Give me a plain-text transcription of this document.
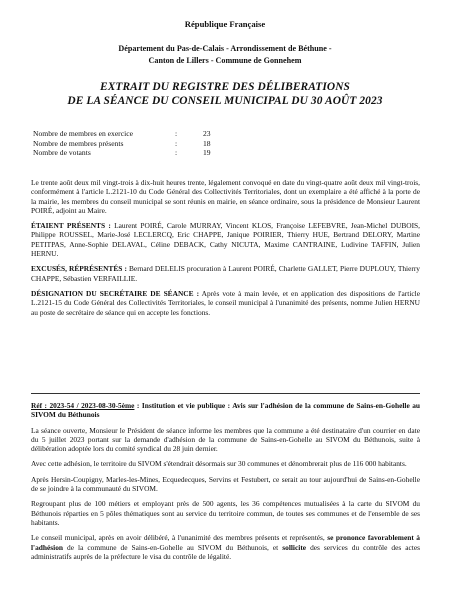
République Française
Département du Pas-de-Calais - Arrondissement de Béthune -
Canton de Lillers - Commune de Gonnehem
EXTRAIT DU REGISTRE DES DÉLIBERATIONS
DE LA SÉANCE DU CONSEIL MUNICIPAL DU 30 AOÛT 2023
Nombre de membres en exercice	:	23
Nombre de membres présents	:	18
Nombre de votants	:	19

Le trente août deux mil vingt-trois à dix-huit heures trente, légalement convoqué en date du vingt-quatre août deux mil vingt-trois, conformément à l'article L.2121-10 du Code Général des Collectivités Territoriales, dont un exemplaire a été affiché à la porte de la mairie, les membres du conseil municipal se sont réunis en mairie, en séance ordinaire, sous la présidence de Monsieur Laurent POIRÉ, adjoint au Maire.

ÉTAIENT PRÉSENTS : Laurent POIRÉ, Carole MURRAY, Vincent KLOS, Françoise LEFEBVRE, Jean-Michel DUBOIS, Philippe ROUSSEL, Marie-José LECLERCQ, Eric CHAPPE, Janique POIRIER, Thierry HUE, Bertrand DELORY, Martine PETITPAS, Anne-Sophie DELAVAL, Céline DEBACK, Cathy NICUTA, Maxime CANTRAINE, Ludivine TAFFIN, Julien HERNU.

EXCUSÉS, RÉPRÉSENTÉS : Bernard DELELIS procuration à Laurent POIRÉ, Charlette GALLET, Pierre DUPLOUY, Thierry CHAPPE, Sébastien VERFAILLIE.

DÉSIGNATION DU SECRÉTAIRE DE SÉANCE : Après vote à main levée, et en application des dispositions de l'article L.2121-15 du Code Général des Collectivités Territoriales, le conseil municipal à l'unanimité des présents, nomme Julien HERNU au poste de secrétaire de séance qui en accepte les fonctions.

Réf : 2023-54 / 2023-08-30-5ème : Institution et vie publique : Avis sur l'adhésion de la commune de Sains-en-Gohelle au SIVOM du Béthunois

La séance ouverte, Monsieur le Président de séance informe les membres que la commune a été destinataire d'un courrier en date du 5 juillet 2023 portant sur la demande d'adhésion de la commune de Sains-en-Gohelle au SIVOM du Béthunois, suite à délibération adoptée lors du comité syndical du 28 juin dernier.

Avec cette adhésion, le territoire du SIVOM s'étendrait désormais sur 30 communes et dénombrerait plus de 116 000 habitants.

Après Hersin-Coupigny, Marles-les-Mines, Ecquedecques, Servins et Festubert, ce serait au tour aujourd'hui de Sains-en-Gohelle de se joindre à la communauté du SIVOM.

Regroupant plus de 100 métiers et employant près de 500 agents, les 36 compétences mutualisées à la carte du SIVOM du Béthunois réparties en 5 pôles thématiques sont au service du territoire commun, de toutes ses communes et de l'ensemble de ses habitants.

Le conseil municipal, après en avoir délibéré, à l'unanimité des membres présents et représentés, se prononce favorablement à l'adhésion de la commune de Sains-en-Gohelle au SIVOM du Béthunois, et sollicite des services du contrôle des actes administratifs auprès de la préfecture le visa du contrôle de légalité.
